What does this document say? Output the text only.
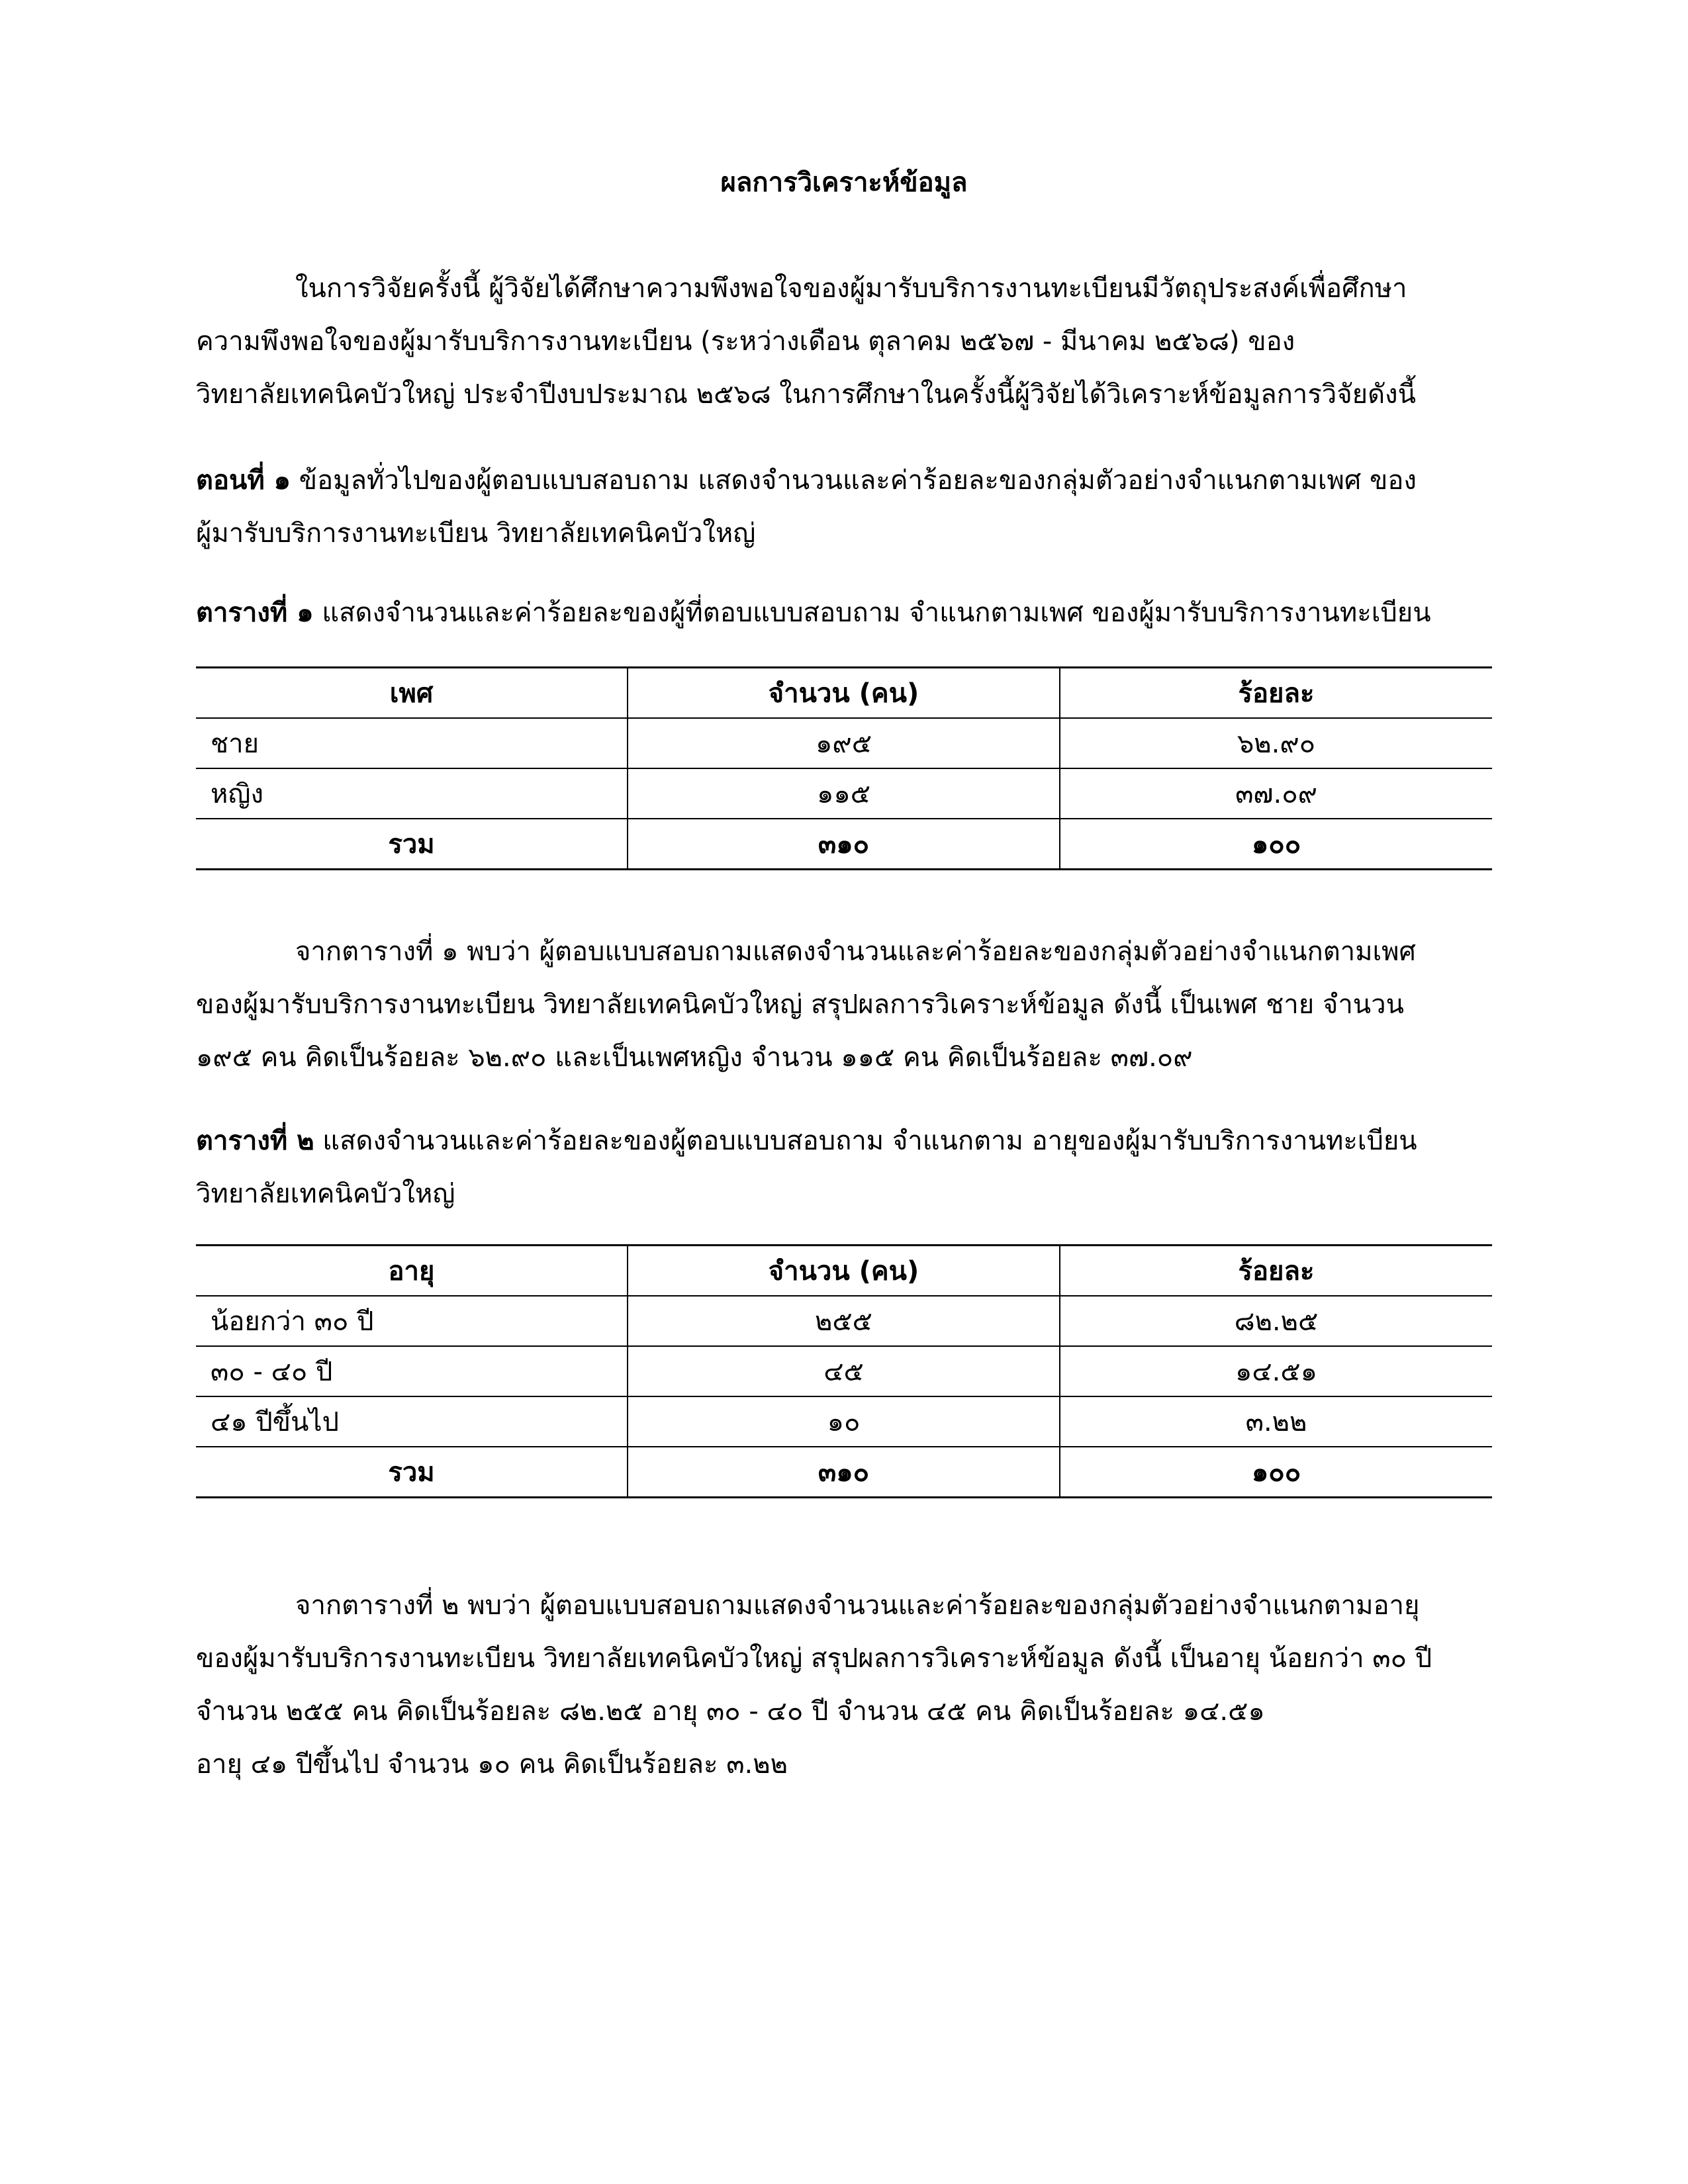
ผลการวิเคราะห์ข้อมูล

ในการวิจัยครั้งนี้ ผู้วิจัยได้ศึกษาความพึงพอใจของผู้มารับบริการงานทะเบียนมีวัตถุประสงค์เพื่อศึกษา
ความพึงพอใจของผู้มารับบริการงานทะเบียน (ระหว่างเดือน ตุลาคม ๒๕๖๗ - มีนาคม ๒๕๖๘) ของ
วิทยาลัยเทคนิคบัวใหญ่ ประจำปีงบประมาณ ๒๕๖๘ ในการศึกษาในครั้งนี้ผู้วิจัยได้วิเคราะห์ข้อมูลการวิจัยดังนี้

ตอนที่ ๑ ข้อมูลทั่วไปของผู้ตอบแบบสอบถาม แสดงจำนวนและค่าร้อยละของกลุ่มตัวอย่างจำแนกตามเพศ ของ
ผู้มารับบริการงานทะเบียน วิทยาลัยเทคนิคบัวใหญ่

ตารางที่ ๑ แสดงจำนวนและค่าร้อยละของผู้ที่ตอบแบบสอบถาม จำแนกตามเพศ ของผู้มารับบริการงานทะเบียน

เพศ	จำนวน (คน)	ร้อยละ
ชาย	๑๙๕	๖๒.๙๐
หญิง	๑๑๕	๓๗.๐๙
รวม	๓๑๐	๑๐๐

จากตารางที่ ๑ พบว่า ผู้ตอบแบบสอบถามแสดงจำนวนและค่าร้อยละของกลุ่มตัวอย่างจำแนกตามเพศ
ของผู้มารับบริการงานทะเบียน วิทยาลัยเทคนิคบัวใหญ่ สรุปผลการวิเคราะห์ข้อมูล ดังนี้ เป็นเพศ ชาย จำนวน
๑๙๕ คน คิดเป็นร้อยละ ๖๒.๙๐ และเป็นเพศหญิง จำนวน ๑๑๕ คน คิดเป็นร้อยละ ๓๗.๐๙

ตารางที่ ๒ แสดงจำนวนและค่าร้อยละของผู้ตอบแบบสอบถาม จำแนกตาม อายุของผู้มารับบริการงานทะเบียน
วิทยาลัยเทคนิคบัวใหญ่

อายุ	จำนวน (คน)	ร้อยละ
น้อยกว่า ๓๐ ปี	๒๕๕	๘๒.๒๕
๓๐ - ๔๐ ปี	๔๕	๑๔.๕๑
๔๑ ปีขึ้นไป	๑๐	๓.๒๒
รวม	๓๑๐	๑๐๐

จากตารางที่ ๒ พบว่า ผู้ตอบแบบสอบถามแสดงจำนวนและค่าร้อยละของกลุ่มตัวอย่างจำแนกตามอายุ
ของผู้มารับบริการงานทะเบียน วิทยาลัยเทคนิคบัวใหญ่ สรุปผลการวิเคราะห์ข้อมูล ดังนี้ เป็นอายุ น้อยกว่า ๓๐ ปี
จำนวน ๒๕๕ คน คิดเป็นร้อยละ ๘๒.๒๕ อายุ ๓๐ - ๔๐ ปี จำนวน ๔๕ คน คิดเป็นร้อยละ ๑๔.๕๑
อายุ ๔๑ ปีขึ้นไป จำนวน ๑๐ คน คิดเป็นร้อยละ ๓.๒๒
